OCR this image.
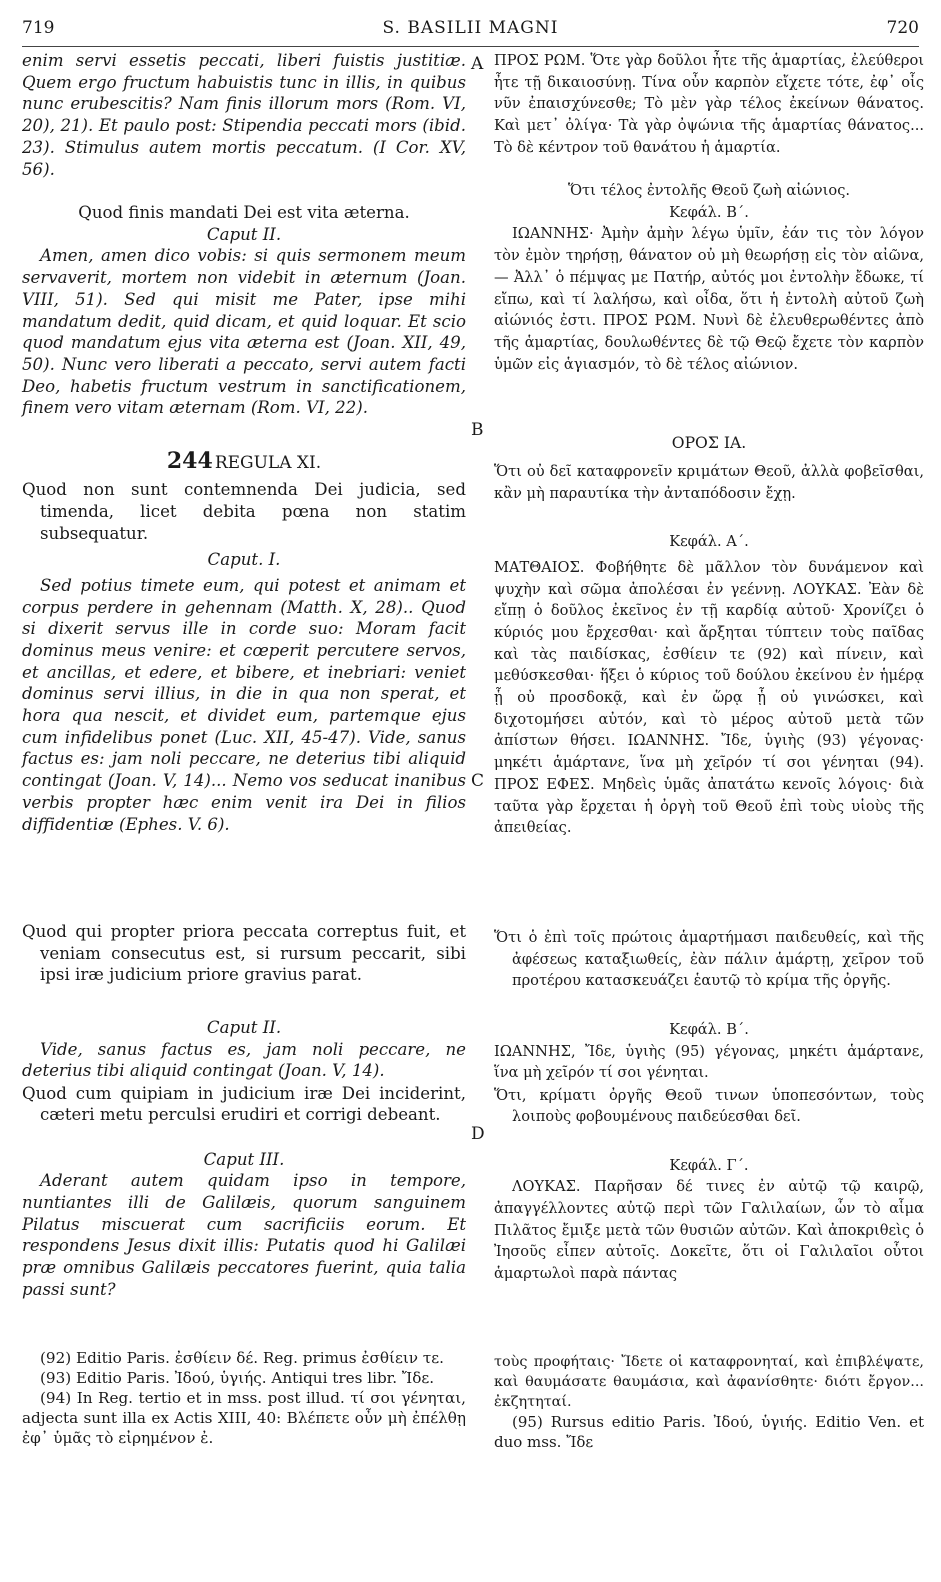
719	S. BASILII MAGNI	720
A
B
C
D

enim servi essetis peccati, liberi fuistis justitiæ. Quem ergo fructum habuistis tunc in illis, in quibus nunc erubescitis? Nam finis illorum mors (Rom. VI, 20), 21). Et paulo post: Stipendia peccati mors (ibid. 23). Stimulus autem mortis peccatum. (I Cor. XV, 56).

Quod finis mandati Dei est vita æterna.

Caput II.

Amen, amen dico vobis: si quis sermonem meum servaverit, mortem non videbit in æternum (Joan. VIII, 51). Sed qui misit me Pater, ipse mihi mandatum dedit, quid dicam, et quid loquar. Et scio quod mandatum ejus vita æterna est (Joan. XII, 49, 50). Nunc vero liberati a peccato, servi autem facti Deo, habetis fructum vestrum in sanctificationem, finem vero vitam æternam (Rom. VI, 22).

244 REGULA XI.

Quod non sunt contemnenda Dei judicia, sed timenda, licet debita pœna non statim subsequatur.

Caput. I.

Sed potius timete eum, qui potest et animam et corpus perdere in gehennam (Matth. X, 28).. Quod si dixerit servus ille in corde suo: Moram facit dominus meus venire: et cœperit percutere servos, et ancillas, et edere, et bibere, et inebriari: veniet dominus servi illius, in die in qua non sperat, et hora qua nescit, et dividet eum, partemque ejus cum infidelibus ponet (Luc. XII, 45-47). Vide, sanus factus es: jam noli peccare, ne deterius tibi aliquid contingat (Joan. V, 14)... Nemo vos seducat inanibus verbis propter hæc enim venit ira Dei in filios diffidentiæ (Ephes. V. 6).

Quod qui propter priora peccata correptus fuit, et veniam consecutus est, si rursum peccarit, sibi ipsi iræ judicium priore gravius parat.

Caput II.

Vide, sanus factus es, jam noli peccare, ne deterius tibi aliquid contingat (Joan. V, 14).

Quod cum quipiam in judicium iræ Dei inciderint, cæteri metu perculsi erudiri et corrigi debeant.

Caput III.

Aderant autem quidam ipso in tempore, nuntiantes illi de Galilæis, quorum sanguinem Pilatus miscuerat cum sacrificiis eorum. Et respondens Jesus dixit illis: Putatis quod hi Galilæi præ omnibus Galilæis peccatores fuerint, quia talia passi sunt?

(92) Editio Paris. ἐσθίειν δέ. Reg. primus ἐσθίειν τε.

(93) Editio Paris. Ἰδού, ὑγιής. Antiqui tres libr. Ἴδε.

(94) In Reg. tertio et in mss. post illud. τί σοι γένηται, adjecta sunt illa ex Actis XIII, 40: Βλέπετε οὖν μὴ ἐπέλθῃ ἐφ᾽ ὑμᾶς τὸ εἰρημένον ἐ.

ΠΡΟΣ ΡΩΜ. Ὅτε γὰρ δοῦλοι ἦτε τῆς ἁμαρτίας, ἐλεύθεροι ἦτε τῇ δικαιοσύνῃ. Τίνα οὖν καρπὸν εἴχετε τότε, ἐφ᾽ οἷς νῦν ἐπαισχύνεσθε; Τὸ μὲν γὰρ τέλος ἐκείνων θάνατος. Καὶ μετ᾽ ὀλίγα· Τὰ γὰρ ὀψώνια τῆς ἁμαρτίας θάνατος... Τὸ δὲ κέντρον τοῦ θανάτου ἡ ἁμαρτία.

Ὅτι τέλος ἐντολῆς Θεοῦ ζωὴ αἰώνιος.

Κεφάλ. Β΄.

ΙΩΑΝΝΗΣ· Ἀμὴν ἀμὴν λέγω ὑμῖν, ἐάν τις τὸν λόγον τὸν ἐμὸν τηρήσῃ, θάνατον οὐ μὴ θεωρήσῃ εἰς τὸν αἰῶνα, — Ἀλλ᾽ ὁ πέμψας με Πατήρ, αὐτός μοι ἐντολὴν ἔδωκε, τί εἴπω, καὶ τί λαλήσω, καὶ οἶδα, ὅτι ἡ ἐντολὴ αὐτοῦ ζωὴ αἰώνιός ἐστι. ΠΡΟΣ ΡΩΜ. Νυνὶ δὲ ἐλευθερωθέντες ἀπὸ τῆς ἁμαρτίας, δουλωθέντες δὲ τῷ Θεῷ ἔχετε τὸν καρπὸν ὑμῶν εἰς ἁγιασμόν, τὸ δὲ τέλος αἰώνιον.

ΟΡΟΣ ΙΑ.

Ὅτι οὐ δεῖ καταφρονεῖν κριμάτων Θεοῦ, ἀλλὰ φοβεῖσθαι, κἂν μὴ παραυτίκα τὴν ἀνταπόδοσιν ἔχῃ.

Κεφάλ. Α΄.

ΜΑΤΘΑΙΟΣ. Φοβήθητε δὲ μᾶλλον τὸν δυνάμενον καὶ ψυχὴν καὶ σῶμα ἀπολέσαι ἐν γεέννῃ. ΛΟΥΚΑΣ. Ἐὰν δὲ εἴπῃ ὁ δοῦλος ἐκεῖνος ἐν τῇ καρδίᾳ αὐτοῦ· Χρονίζει ὁ κύριός μου ἔρχεσθαι· καὶ ἄρξηται τύπτειν τοὺς παῖδας καὶ τὰς παιδίσκας, ἐσθίειν τε (92) καὶ πίνειν, καὶ μεθύσκεσθαι· ἥξει ὁ κύριος τοῦ δούλου ἐκείνου ἐν ἡμέρᾳ ᾗ οὐ προσδοκᾷ, καὶ ἐν ὥρᾳ ᾗ οὐ γινώσκει, καὶ διχοτομήσει αὐτόν, καὶ τὸ μέρος αὐτοῦ μετὰ τῶν ἀπίστων θήσει. ΙΩΑΝΝΗΣ. Ἴδε, ὑγιὴς (93) γέγονας· μηκέτι ἁμάρτανε, ἵνα μὴ χεῖρόν τί σοι γένηται (94). ΠΡΟΣ ΕΦΕΣ. Μηδεὶς ὑμᾶς ἀπατάτω κενοῖς λόγοις· διὰ ταῦτα γὰρ ἔρχεται ἡ ὀργὴ τοῦ Θεοῦ ἐπὶ τοὺς υἱοὺς τῆς ἀπειθείας.

Ὅτι ὁ ἐπὶ τοῖς πρώτοις ἁμαρτήμασι παιδευθείς, καὶ τῆς ἀφέσεως καταξιωθείς, ἐὰν πάλιν ἁμάρτῃ, χεῖρον τοῦ προτέρου κατασκευάζει ἑαυτῷ τὸ κρίμα τῆς ὀργῆς.

Κεφάλ. Β΄.

ΙΩΑΝΝΗΣ, Ἴδε, ὑγιὴς (95) γέγονας, μηκέτι ἁμάρτανε, ἵνα μὴ χεῖρόν τί σοι γένηται.

Ὅτι, κρίματι ὀργῆς Θεοῦ τινων ὑποπεσόντων, τοὺς λοιποὺς φοβουμένους παιδεύεσθαι δεῖ.

Κεφάλ. Γ΄.

ΛΟΥΚΑΣ. Παρῆσαν δέ τινες ἐν αὐτῷ τῷ καιρῷ, ἀπαγγέλλοντες αὐτῷ περὶ τῶν Γαλιλαίων, ὧν τὸ αἷμα Πιλᾶτος ἔμιξε μετὰ τῶν θυσιῶν αὐτῶν. Καὶ ἀποκριθεὶς ὁ Ἰησοῦς εἶπεν αὐτοῖς. Δοκεῖτε, ὅτι οἱ Γαλιλαῖοι οὗτοι ἁμαρτωλοὶ παρὰ πάντας

τοὺς προφήταις· Ἴδετε οἱ καταφρονηταί, καὶ ἐπιβλέψατε, καὶ θαυμάσατε θαυμάσια, καὶ ἀφανίσθητε· διότι ἔργον... ἐκζητηταί.

(95) Rursus editio Paris. Ἰδού, ὑγιής. Editio Ven. et duo mss. Ἴδε
